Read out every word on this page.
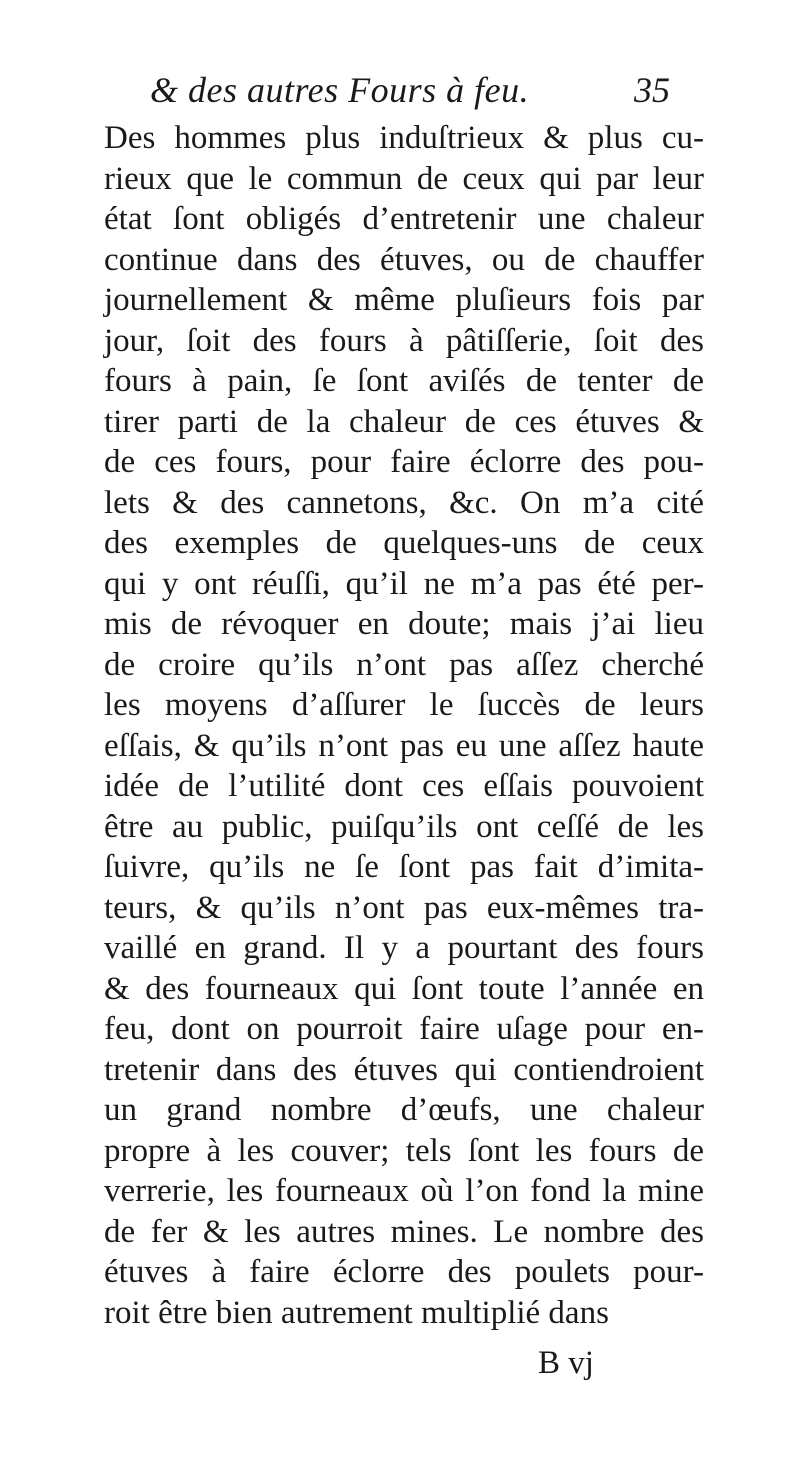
& des autres Fours à feu.	35
Des hommes plus induſtrieux & plus cu-
rieux que le commun de ceux qui par leur
état ſont obligés d’entretenir une chaleur
continue dans des étuves, ou de chauffer
journellement & même pluſieurs fois par
jour, ſoit des fours à pâtiſſerie, ſoit des
fours à pain, ſe ſont aviſés de tenter de
tirer parti de la chaleur de ces étuves &
de ces fours, pour faire éclorre des pou-
lets & des cannetons, &c. On m’a cité
des exemples de quelques-uns de ceux
qui y ont réuſſi, qu’il ne m’a pas été per-
mis de révoquer en doute; mais j’ai lieu
de croire qu’ils n’ont pas aſſez cherché
les moyens d’aſſurer le ſuccès de leurs
eſſais, & qu’ils n’ont pas eu une aſſez haute
idée de l’utilité dont ces eſſais pouvoient
être au public, puiſqu’ils ont ceſſé de les
ſuivre, qu’ils ne ſe ſont pas fait d’imita-
teurs, & qu’ils n’ont pas eux-mêmes tra-
vaillé en grand. Il y a pourtant des fours
& des fourneaux qui ſont toute l’année en
feu, dont on pourroit faire uſage pour en-
tretenir dans des étuves qui contiendroient
un grand nombre d’œufs, une chaleur
propre à les couver; tels ſont les fours de
verrerie, les fourneaux où l’on fond la mine
de fer & les autres mines. Le nombre des
étuves à faire éclorre des poulets pour-
roit être bien autrement multiplié dans
B vj
